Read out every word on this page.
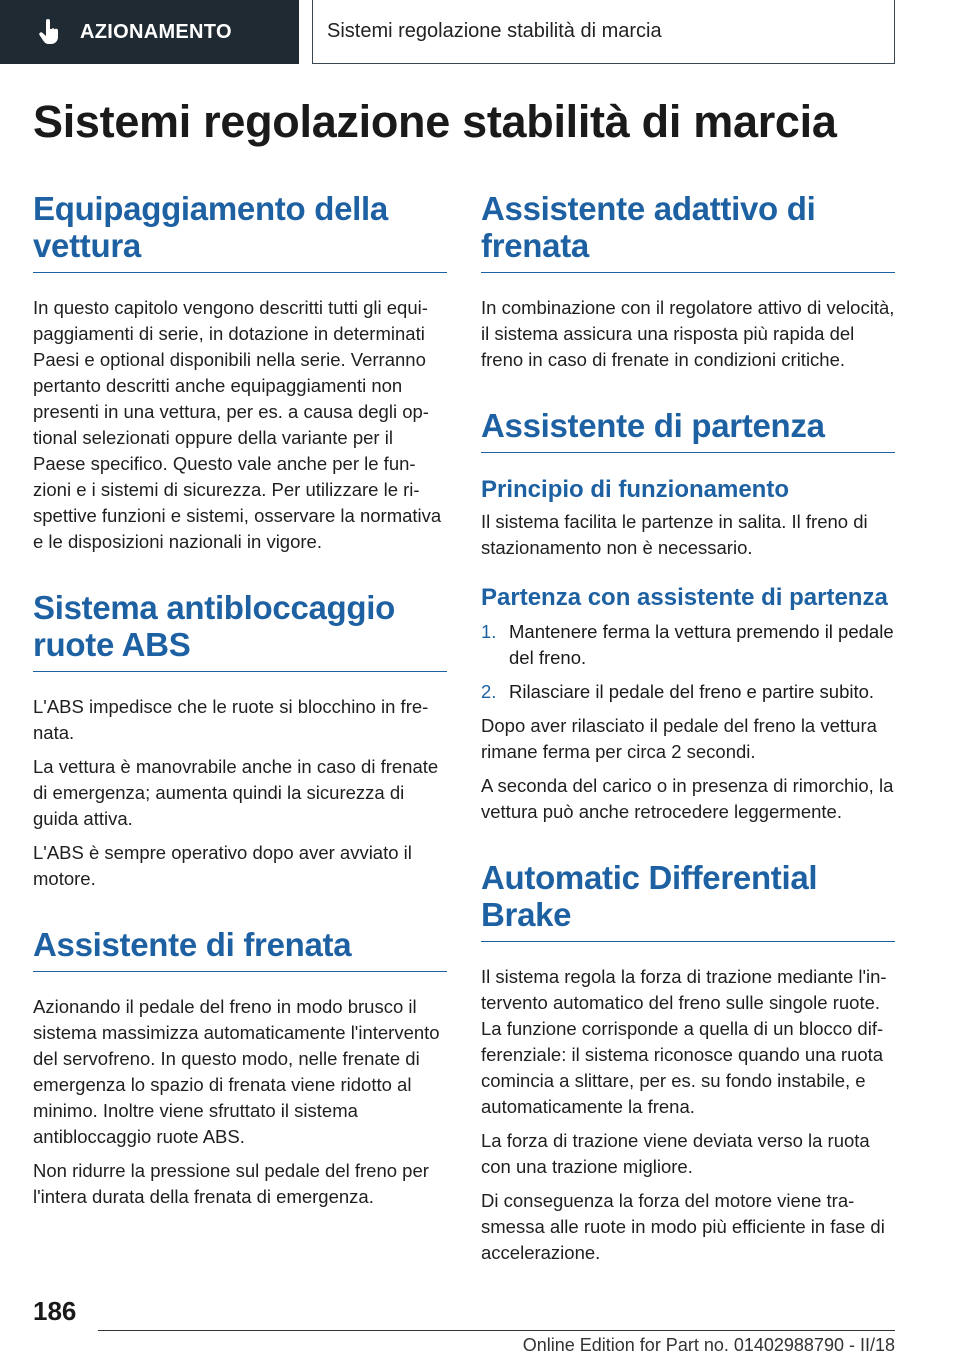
AZIONAMENTO	Sistemi regolazione stabilità di marcia
Sistemi regolazione stabilità di marcia
Equipaggiamento della vettura

In questo capitolo vengono descritti tutti gli equipaggiamenti di serie, in dotazione in determinati Paesi e optional disponibili nella serie. Verranno pertanto descritti anche equipaggiamenti non presenti in una vettura, per es. a causa degli optional selezionati oppure della variante per il Paese specifico. Questo vale anche per le funzioni e i sistemi di sicurezza. Per utilizzare le rispettive funzioni e sistemi, osservare la normativa e le disposizioni nazionali in vigore.

Sistema antibloccaggio ruote ABS

L'ABS impedisce che le ruote si blocchino in frenata.

La vettura è manovrabile anche in caso di frenate di emergenza; aumenta quindi la sicurezza di guida attiva.

L'ABS è sempre operativo dopo aver avviato il motore.

Assistente di frenata

Azionando il pedale del freno in modo brusco il sistema massimizza automaticamente l'intervento del servofreno. In questo modo, nelle frenate di emergenza lo spazio di frenata viene ridotto al minimo. Inoltre viene sfruttato il sistema antibloccaggio ruote ABS.

Non ridurre la pressione sul pedale del freno per l'intera durata della frenata di emergenza.

Assistente adattivo di frenata

In combinazione con il regolatore attivo di velocità, il sistema assicura una risposta più rapida del freno in caso di frenate in condizioni critiche.

Assistente di partenza
Principio di funzionamento

Il sistema facilita le partenze in salita. Il freno di stazionamento non è necessario.

Partenza con assistente di partenza
1. Mantenere ferma la vettura premendo il pedale del freno.
2. Rilasciare il pedale del freno e partire subito.

Dopo aver rilasciato il pedale del freno la vettura rimane ferma per circa 2 secondi.

A seconda del carico o in presenza di rimorchio, la vettura può anche retrocedere leggermente.

Automatic Differential Brake

Il sistema regola la forza di trazione mediante l'intervento automatico del freno sulle singole ruote. La funzione corrisponde a quella di un blocco differenziale: il sistema riconosce quando una ruota comincia a slittare, per es. su fondo instabile, e automaticamente la frena.

La forza di trazione viene deviata verso la ruota con una trazione migliore.

Di conseguenza la forza del motore viene trasmessa alle ruote in modo più efficiente in fase di accelerazione.

186
Online Edition for Part no. 01402988790 - II/18
